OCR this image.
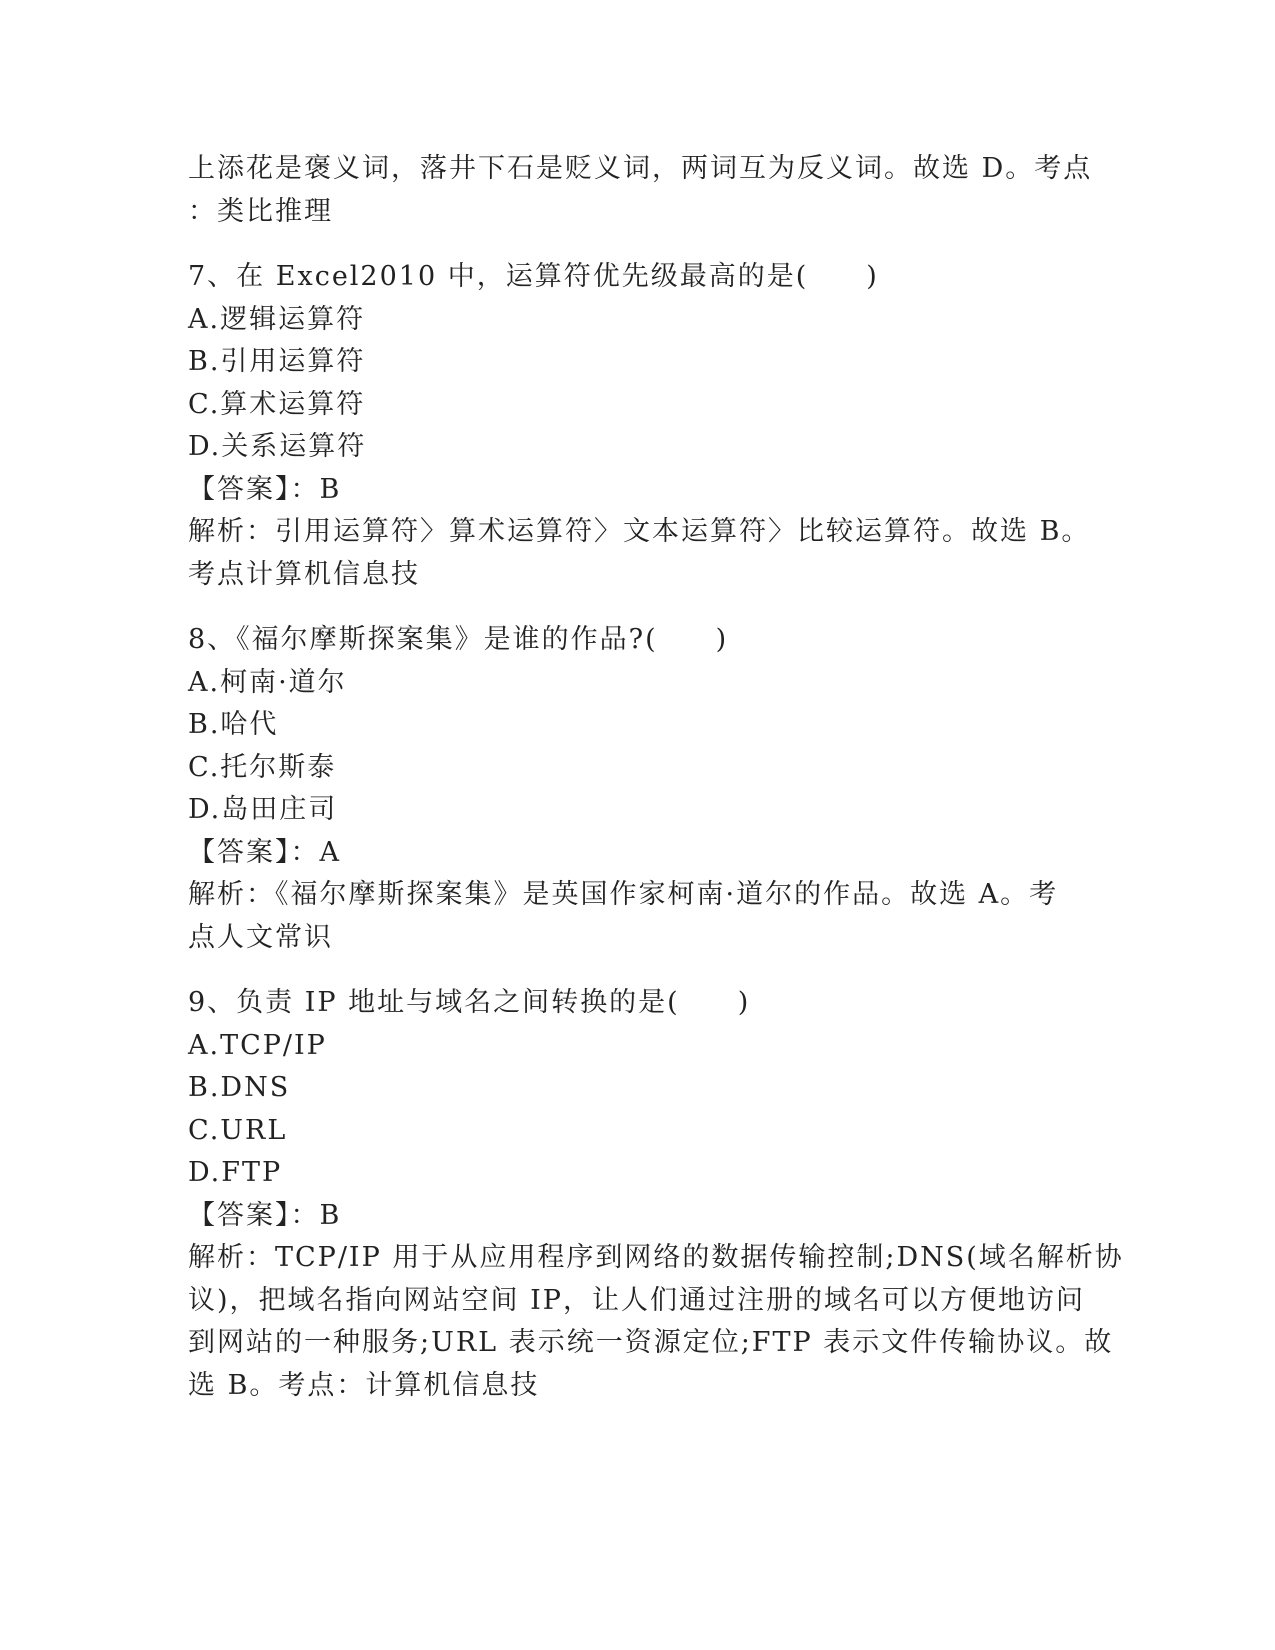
上添花是褒义词，落井下石是贬义词，两词互为反义词。故选 D。考点
：类比推理
7、在 Excel2010 中，运算符优先级最高的是(　　)
A.逻辑运算符
B.引用运算符
C.算术运算符
D.关系运算符
【答案】：B
解析：引用运算符〉算术运算符〉文本运算符〉比较运算符。故选 B。
考点计算机信息技
8、《福尔摩斯探案集》是谁的作品?(　　)
A.柯南·道尔
B.哈代
C.托尔斯泰
D.岛田庄司
【答案】：A
解析：《福尔摩斯探案集》是英国作家柯南·道尔的作品。故选 A。考
点人文常识
9、负责 IP 地址与域名之间转换的是(　　)
A.TCP/IP
B.DNS
C.URL
D.FTP
【答案】：B
解析：TCP/IP 用于从应用程序到网络的数据传输控制;DNS(域名解析协
议)，把域名指向网站空间 IP，让人们通过注册的域名可以方便地访问
到网站的一种服务;URL 表示统一资源定位;FTP 表示文件传输协议。故
选 B。考点：计算机信息技
